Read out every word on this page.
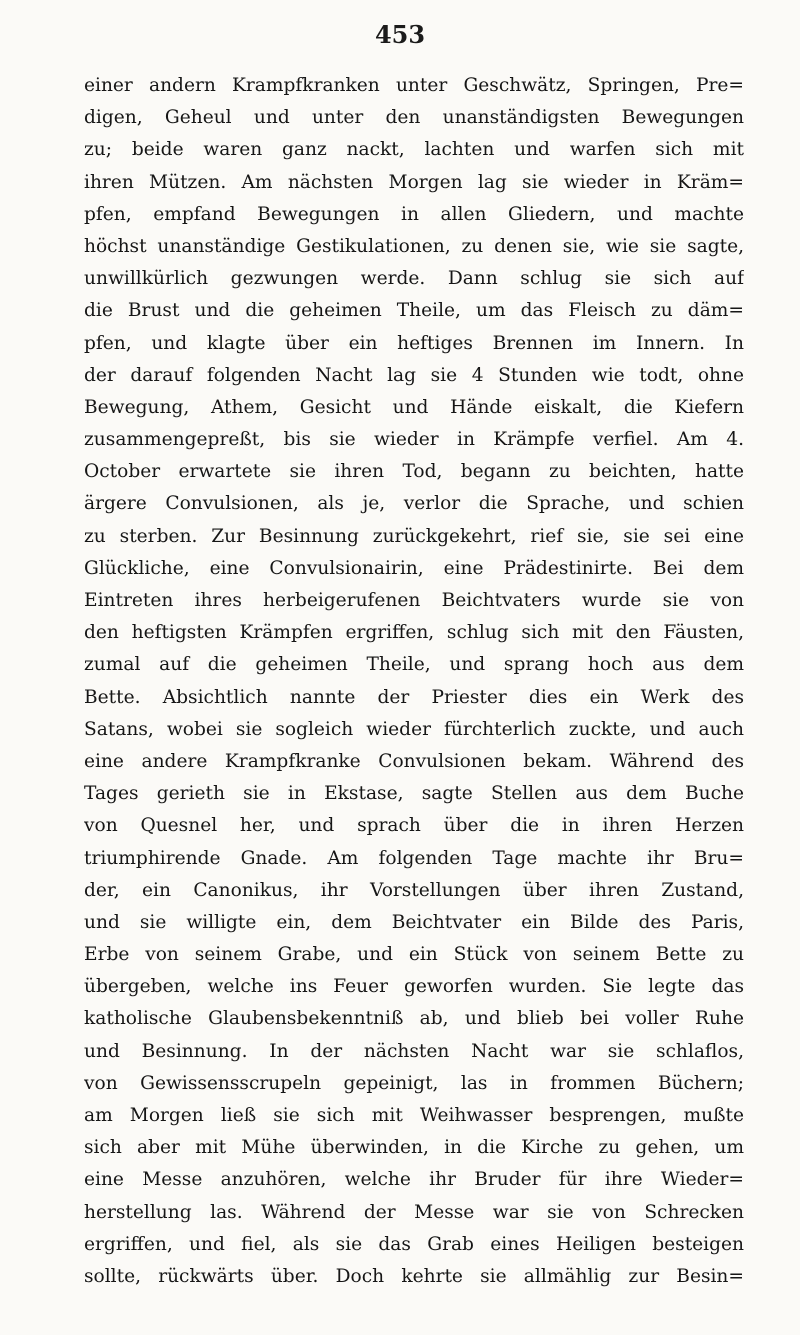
453
einer andern Krampfkranken unter Geschwätz, Springen, Pre=
digen, Geheul und unter den unanständigsten Bewegungen
zu; beide waren ganz nackt, lachten und warfen sich mit
ihren Mützen. Am nächsten Morgen lag sie wieder in Kräm=
pfen, empfand Bewegungen in allen Gliedern, und machte
höchst unanständige Gestikulationen, zu denen sie, wie sie sagte,
unwillkürlich gezwungen werde. Dann schlug sie sich auf
die Brust und die geheimen Theile, um das Fleisch zu däm=
pfen, und klagte über ein heftiges Brennen im Innern. In
der darauf folgenden Nacht lag sie 4 Stunden wie todt, ohne
Bewegung, Athem, Gesicht und Hände eiskalt, die Kiefern
zusammengepreßt, bis sie wieder in Krämpfe verfiel. Am 4.
October erwartete sie ihren Tod, begann zu beichten, hatte
ärgere Convulsionen, als je, verlor die Sprache, und schien
zu sterben. Zur Besinnung zurückgekehrt, rief sie, sie sei eine
Glückliche, eine Convulsionairin, eine Prädestinirte. Bei dem
Eintreten ihres herbeigerufenen Beichtvaters wurde sie von
den heftigsten Krämpfen ergriffen, schlug sich mit den Fäusten,
zumal auf die geheimen Theile, und sprang hoch aus dem
Bette. Absichtlich nannte der Priester dies ein Werk des
Satans, wobei sie sogleich wieder fürchterlich zuckte, und auch
eine andere Krampfkranke Convulsionen bekam. Während des
Tages gerieth sie in Ekstase, sagte Stellen aus dem Buche
von Quesnel her, und sprach über die in ihren Herzen
triumphirende Gnade. Am folgenden Tage machte ihr Bru=
der, ein Canonikus, ihr Vorstellungen über ihren Zustand,
und sie willigte ein, dem Beichtvater ein Bilde des Paris,
Erbe von seinem Grabe, und ein Stück von seinem Bette zu
übergeben, welche ins Feuer geworfen wurden. Sie legte das
katholische Glaubensbekenntniß ab, und blieb bei voller Ruhe
und Besinnung. In der nächsten Nacht war sie schlaflos,
von Gewissensscrupeln gepeinigt, las in frommen Büchern;
am Morgen ließ sie sich mit Weihwasser besprengen, mußte
sich aber mit Mühe überwinden, in die Kirche zu gehen, um
eine Messe anzuhören, welche ihr Bruder für ihre Wieder=
herstellung las. Während der Messe war sie von Schrecken
ergriffen, und fiel, als sie das Grab eines Heiligen besteigen
sollte, rückwärts über. Doch kehrte sie allmählig zur Besin=
